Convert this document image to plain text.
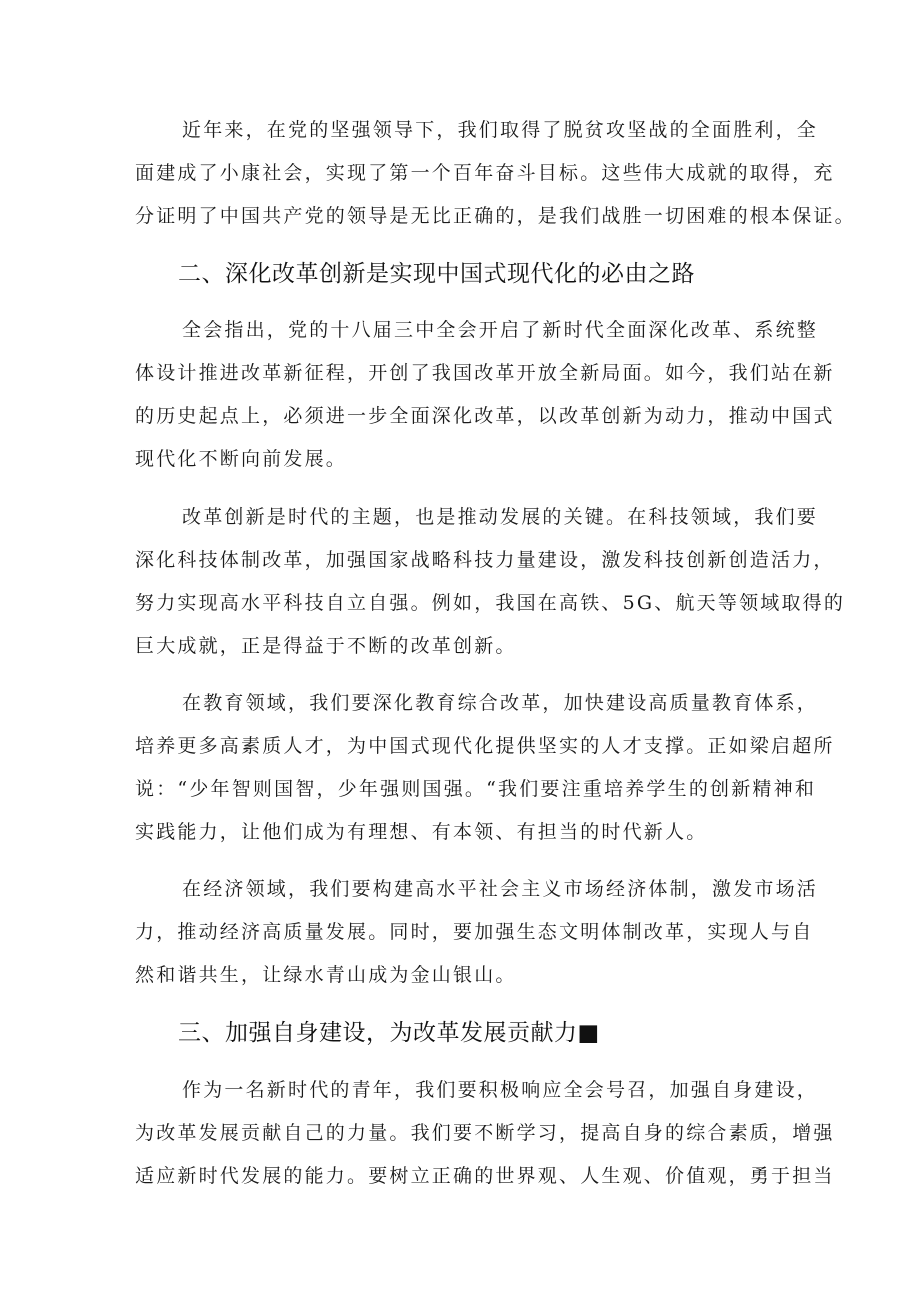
近年来，在党的坚强领导下，我们取得了脱贫攻坚战的全面胜利，全
面建成了小康社会，实现了第一个百年奋斗目标。这些伟大成就的取得，充
分证明了中国共产党的领导是无比正确的，是我们战胜一切困难的根本保证。
二、深化改革创新是实现中国式现代化的必由之路
全会指出，党的十八届三中全会开启了新时代全面深化改革、系统整
体设计推进改革新征程，开创了我国改革开放全新局面。如今，我们站在新
的历史起点上，必须进一步全面深化改革，以改革创新为动力，推动中国式
现代化不断向前发展。
改革创新是时代的主题，也是推动发展的关键。在科技领域，我们要
深化科技体制改革，加强国家战略科技力量建设，激发科技创新创造活力，
努力实现高水平科技自立自强。例如，我国在高铁、5G、航天等领域取得的
巨大成就，正是得益于不断的改革创新。
在教育领域，我们要深化教育综合改革，加快建设高质量教育体系，
培养更多高素质人才，为中国式现代化提供坚实的人才支撑。正如梁启超所
说：“少年智则国智，少年强则国强。“我们要注重培养学生的创新精神和
实践能力，让他们成为有理想、有本领、有担当的时代新人。
在经济领域，我们要构建高水平社会主义市场经济体制，激发市场活
力，推动经济高质量发展。同时，要加强生态文明体制改革，实现人与自
然和谐共生，让绿水青山成为金山银山。
三、加强自身建设，为改革发展贡献力■
作为一名新时代的青年，我们要积极响应全会号召，加强自身建设，
为改革发展贡献自己的力量。我们要不断学习，提高自身的综合素质，增强
适应新时代发展的能力。要树立正确的世界观、人生观、价值观，勇于担当
